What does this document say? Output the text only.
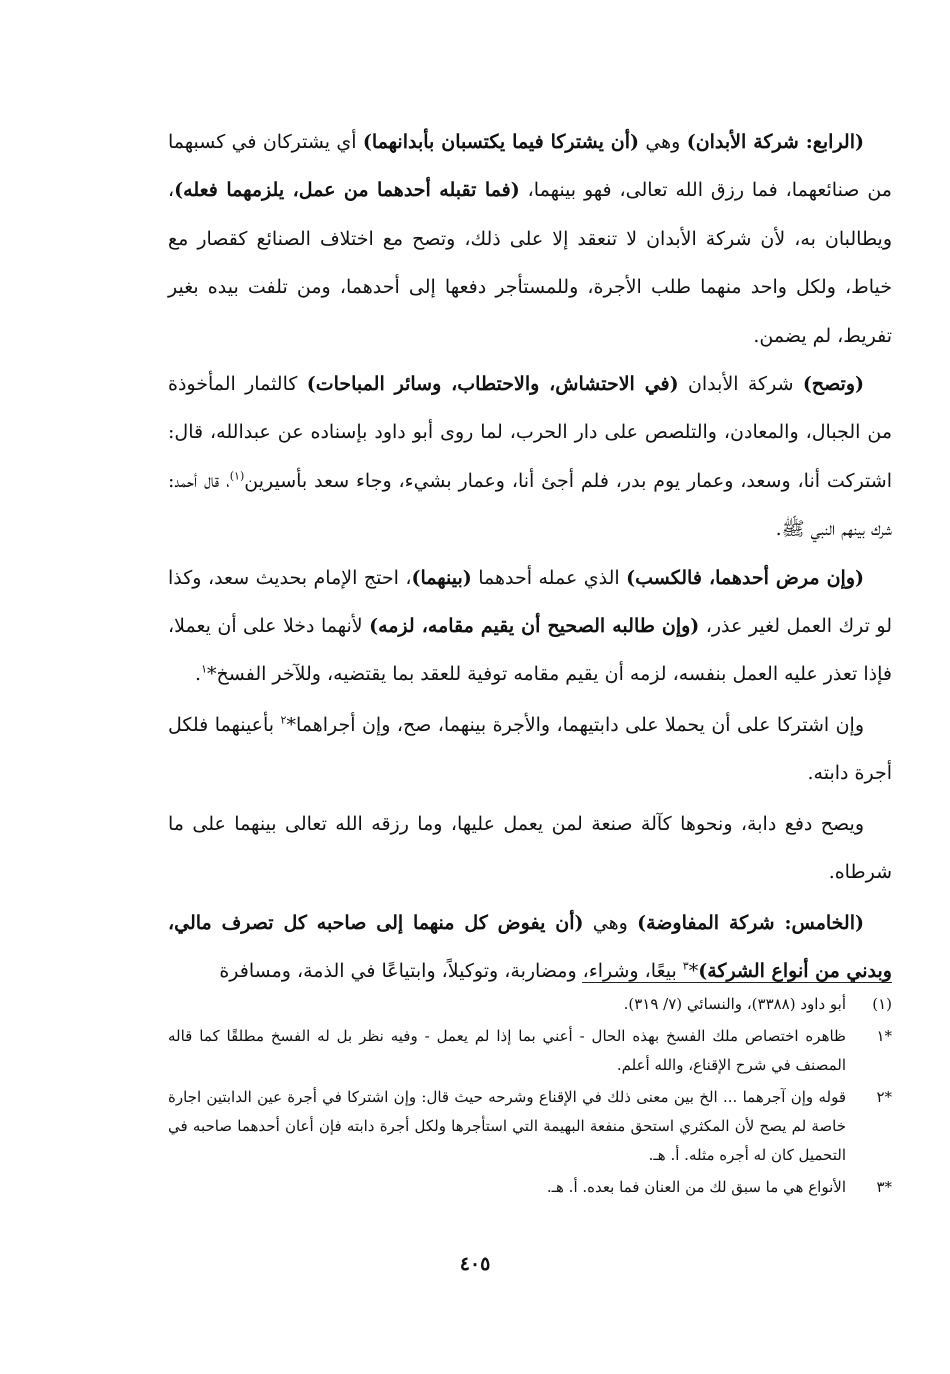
(الرابع: شركة الأبدان) وهي (أن يشتركا فيما يكتسبان بأبدانهما) أي يشتركان في كسبهما من صنائعهما، فما رزق الله تعالى، فهو بينهما، (فما تقبله أحدهما من عمل، يلزمهما فعله)، ويطالبان به، لأن شركة الأبدان لا تنعقد إلا على ذلك، وتصح مع اختلاف الصنائع كقصار مع خياط، ولكل واحد منهما طلب الأجرة، وللمستأجر دفعها إلى أحدهما، ومن تلفت بيده بغير تفريط، لم يضمن.

(وتصح) شركة الأبدان (في الاحتشاش، والاحتطاب، وسائر المباحات) كالثمار المأخوذة من الجبال، والمعادن، والتلصص على دار الحرب، لما روى أبو داود بإسناده عن عبدالله، قال: اشتركت أنا، وسعد، وعمار يوم بدر، فلم أجئ أنا، وعمار بشيء، وجاء سعد بأسيرين$^{(١)}$، قال أحمد: شرك بينهم النبي ﷺ.

(وإن مرض أحدهما، فالكسب) الذي عمله أحدهما (بينهما)، احتج الإمام بحديث سعد، وكذا لو ترك العمل لغير عذر، (وإن طالبه الصحيح أن يقيم مقامه، لزمه) لأنهما دخلا على أن يعملا، فإذا تعذر عليه العمل بنفسه، لزمه أن يقيم مقامه توفية للعقد بما يقتضيه، وللآخر الفسخ*$^١$.

وإن اشتركا على أن يحملا على دابتيهما، والأجرة بينهما، صح، وإن أجراهما*$^٢$ بأعينهما فلكل أجرة دابته.

ويصح دفع دابة، ونحوها كآلة صنعة لمن يعمل عليها، وما رزقه الله تعالى بينهما على ما شرطاه.

(الخامس: شركة المفاوضة) وهي (أن يفوض كل منهما إلى صاحبه كل تصرف مالي، وبدني من أنواع الشركة)*$^٣$ بيعًا، وشراء، ومضاربة، وتوكيلاً، وابتياعًا في الذمة، ومسافرة

(١)
أبو داود (٣٣٨٨)، والنسائي (٧/ ٣١٩).
*١
ظاهره اختصاص ملك الفسخ بهذه الحال - أعني بما إذا لم يعمل - وفيه نظر بل له الفسخ مطلقًا كما قاله المصنف في شرح الإقناع، والله أعلم.
*٢
قوله وإن آجرهما ... الخ بين معنى ذلك في الإقناع وشرحه حيث قال: وإن اشتركا في أجرة عين الدابتين اجارة خاصة لم يصح لأن المكثري استحق منفعة البهيمة التي استأجرها ولكل أجرة دابته فإن أعان أحدهما صاحبه في التحميل كان له أجره مثله. أ. هـ.
*٣
الأنواع هي ما سبق لك من العنان فما بعده. أ. هـ.
٤٠٥
